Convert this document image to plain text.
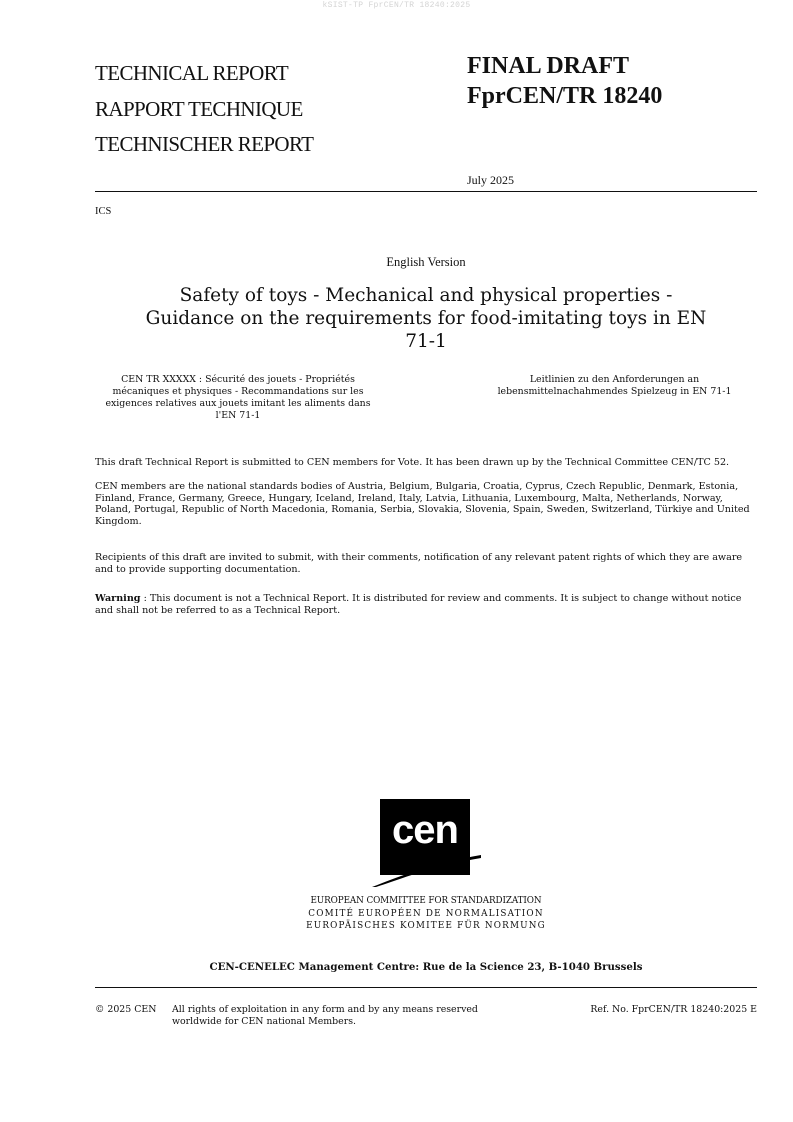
kSIST-TP FprCEN/TR 18240:2025
TECHNICAL REPORT
RAPPORT TECHNIQUE
TECHNISCHER REPORT
FINAL DRAFT
FprCEN/TR 18240
July 2025
ICS
English Version
Safety of toys - Mechanical and physical properties - Guidance on the requirements for food-imitating toys in EN 71-1
CEN TR XXXXX : Sécurité des jouets - Propriétés mécaniques et physiques - Recommandations sur les exigences relatives aux jouets imitant les aliments dans l'EN 71-1
Leitlinien zu den Anforderungen an lebensmittelnachahmendes Spielzeug in EN 71-1
This draft Technical Report is submitted to CEN members for Vote. It has been drawn up by the Technical Committee CEN/TC 52.
CEN members are the national standards bodies of Austria, Belgium, Bulgaria, Croatia, Cyprus, Czech Republic, Denmark, Estonia, Finland, France, Germany, Greece, Hungary, Iceland, Ireland, Italy, Latvia, Lithuania, Luxembourg, Malta, Netherlands, Norway, Poland, Portugal, Republic of North Macedonia, Romania, Serbia, Slovakia, Slovenia, Spain, Sweden, Switzerland, Türkiye and United Kingdom.
Recipients of this draft are invited to submit, with their comments, notification of any relevant patent rights of which they are aware and to provide supporting documentation.
Warning : This document is not a Technical Report. It is distributed for review and comments. It is subject to change without notice and shall not be referred to as a Technical Report.
cen
EUROPEAN COMMITTEE FOR STANDARDIZATION
COMITÉ EUROPÉEN DE NORMALISATION
EUROPÄISCHES KOMITEE FÜR NORMUNG
CEN-CENELEC Management Centre: Rue de la Science 23, B-1040 Brussels
© 2025 CEN All rights of exploitation in any form and by any means reserved worldwide for CEN national Members.
Ref. No. FprCEN/TR 18240:2025 E
